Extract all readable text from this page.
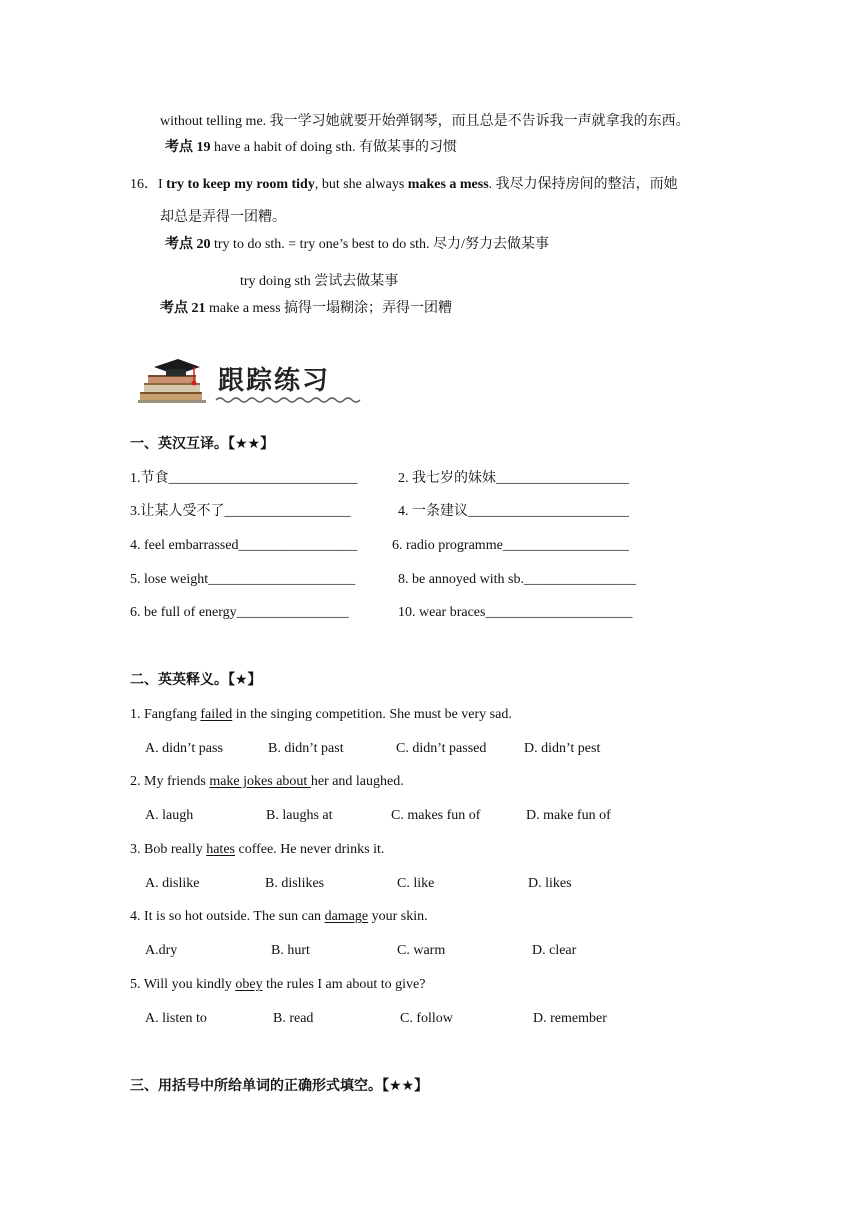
without telling me. 我一学习她就要开始弹钢琴，而且总是不告诉我一声就拿我的东西。
考点 19 have a habit of doing sth. 有做某事的习惯
16．I try to keep my room tidy, but she always makes a mess. 我尽力保持房间的整洁，而她
却总是弄得一团糟。
考点 20 try to do sth. = try one’s best to do sth. 尽力/努力去做某事
try doing sth 尝试去做某事
考点 21 make a mess 搞得一塌糊涂；弄得一团糟
跟踪练习
一、英汉互译。【★★】
1.节食___________________________	2. 我七岁的妹妹___________________
3.让某人受不了__________________	4. 一条建议_______________________
4. feel embarrassed_________________ 6. radio programme__________________
5. lose weight_____________________	8. be annoyed with sb.________________
6. be full of energy________________	10. wear braces_____________________
二、英英释义。【★】
1. Fangfang failed in the singing competition. She must be very sad.
A. didn’t pass	B. didn’t past	C. didn’t passed	D. didn’t pest
2. My friends make jokes about her and laughed.
A. laugh	B. laughs at	C. makes fun of	D. make fun of
3. Bob really hates coffee. He never drinks it.
A. dislike	B. dislikes	C. like	D. likes
4. It is so hot outside. The sun can damage your skin.
A.dry	B. hurt	C. warm	D. clear
5. Will you kindly obey the rules I am about to give?
A. listen to	B. read	C. follow	D. remember
三、用括号中所给单词的正确形式填空。【★★】
